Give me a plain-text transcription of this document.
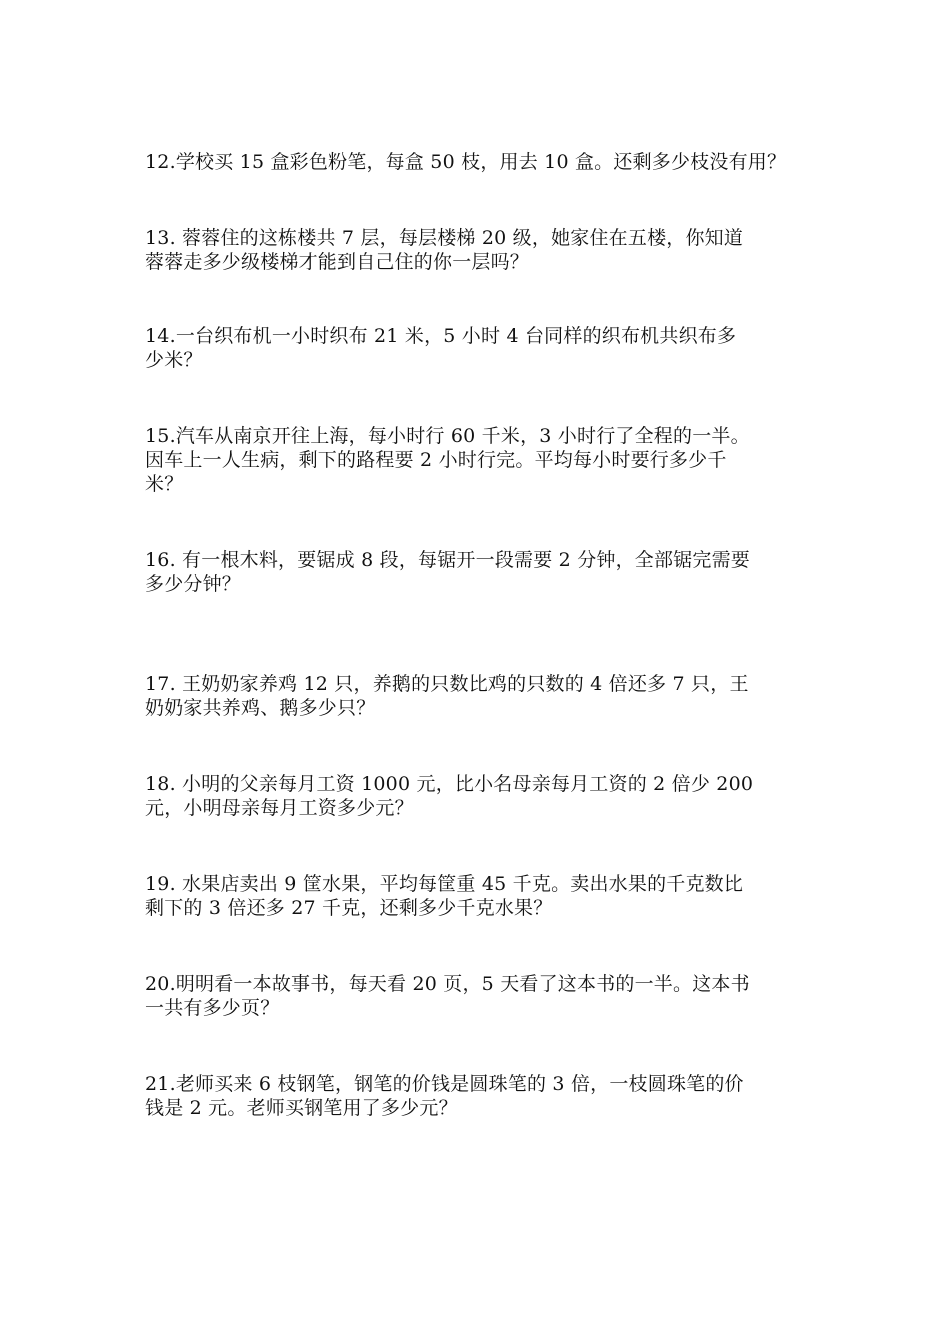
12.学校买 15 盒彩色粉笔，每盒 50 枝，用去 10 盒。还剩多少枝没有用？
13. 蓉蓉住的这栋楼共 7 层，每层楼梯 20 级，她家住在五楼，你知道
蓉蓉走多少级楼梯才能到自己住的你一层吗？
14.一台织布机一小时织布 21 米，5 小时 4 台同样的织布机共织布多
少米？
15.汽车从南京开往上海，每小时行 60 千米，3 小时行了全程的一半。
因车上一人生病，剩下的路程要 2 小时行完。平均每小时要行多少千
米？
16. 有一根木料，要锯成 8 段，每锯开一段需要 2 分钟，全部锯完需要
多少分钟？
17. 王奶奶家养鸡 12 只，养鹅的只数比鸡的只数的 4 倍还多 7 只，王
奶奶家共养鸡、鹅多少只？
18. 小明的父亲每月工资 1000 元，比小名母亲每月工资的 2 倍少 200
元，小明母亲每月工资多少元？
19. 水果店卖出 9 筐水果，平均每筐重 45 千克。卖出水果的千克数比
剩下的 3 倍还多 27 千克，还剩多少千克水果？
20.明明看一本故事书，每天看 20 页，5 天看了这本书的一半。这本书
一共有多少页？
21.老师买来 6 枝钢笔，钢笔的价钱是圆珠笔的 3 倍，一枝圆珠笔的价
钱是 2 元。老师买钢笔用了多少元？
